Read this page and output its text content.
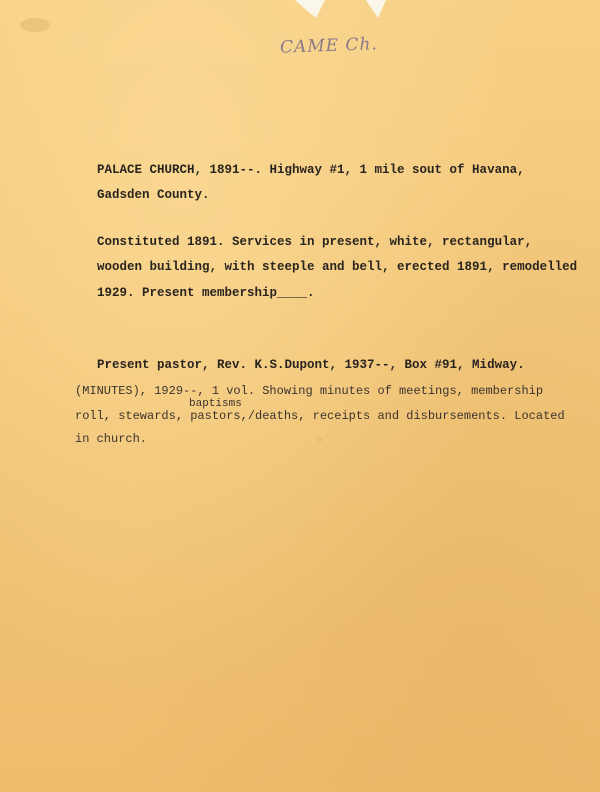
CAME Ch.
PALACE CHURCH, 1891--. Highway #1, 1 mile sout of Havana,
Gadsden County.
Constituted 1891. Services in present, white, rectangular,
wooden building, with steeple and bell, erected 1891, remodelled
1929. Present membership____.
Present pastor, Rev. K.S.Dupont, 1937--, Box #91, Midway.
(MINUTES), 1929--, 1 vol. Showing minutes of meetings, membership
baptisms
roll, stewards, pastors,/deaths, receipts and disbursements. Located
in church.
